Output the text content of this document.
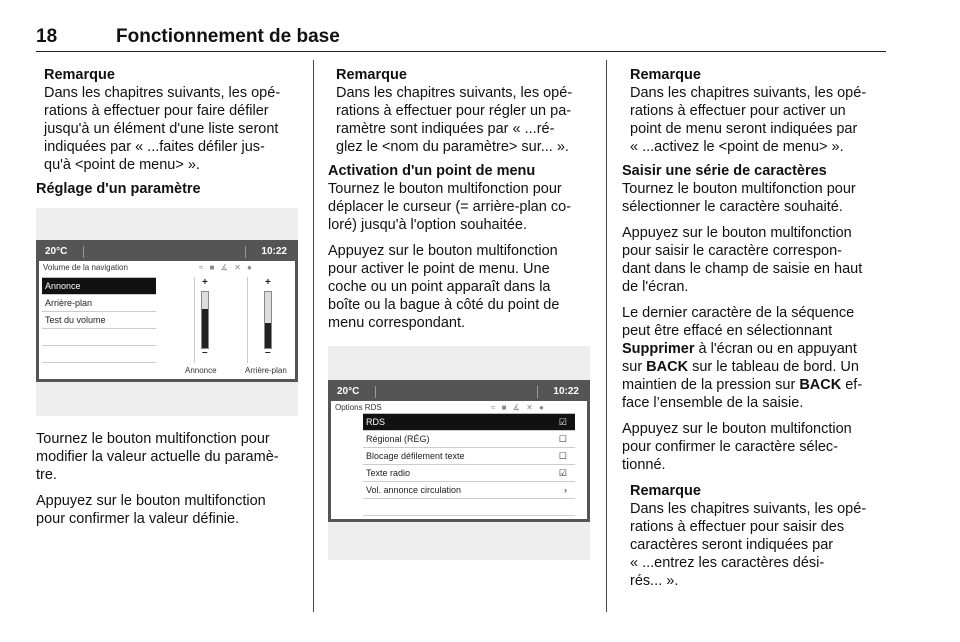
18	Fonctionnement de base
Remarque
Dans les chapitres suivants, les opé-
rations à effectuer pour faire défiler
jusqu'à un élément d'une liste seront
indiquées par « ...faites défiler jus-
qu'à <point de menu> ».
Réglage d'un paramètre
20°C	10:22
Volume de la navigation	≈ ■ ∡ ✕ ●
Annonce
Arrière-plan
Test du volume
+
–
+
–
Annonce	Arrière-plan

Tournez le bouton multifonction pour
modifier la valeur actuelle du paramè-
tre.

Appuyez sur le bouton multifonction
pour confirmer la valeur définie.

Remarque
Dans les chapitres suivants, les opé-
rations à effectuer pour régler un pa-
ramètre sont indiquées par « ...ré-
glez le <nom du paramètre> sur... ».
Activation d'un point de menu

Tournez le bouton multifonction pour
déplacer le curseur (= arrière-plan co-
loré) jusqu'à l'option souhaitée.

Appuyez sur le bouton multifonction
pour activer le point de menu. Une
coche ou un point apparaît dans la
boîte ou la bague à côté du point de
menu correspondant.

20°C	10:22
Options RDS	≈ ■ ∡ ✕ ●
RDS	☑
Régional (RÉG)	☐
Blocage défilement texte	☐
Texte radio	☑
Vol. annonce circulation	›
Remarque
Dans les chapitres suivants, les opé-
rations à effectuer pour activer un
point de menu seront indiquées par
« ...activez le <point de menu> ».
Saisir une série de caractères

Tournez le bouton multifonction pour
sélectionner le caractère souhaité.

Appuyez sur le bouton multifonction
pour saisir le caractère correspon-
dant dans le champ de saisie en haut
de l'écran.

Le dernier caractère de la séquence
peut être effacé en sélectionnant
Supprimer à l'écran ou en appuyant
sur BACK sur le tableau de bord. Un
maintien de la pression sur BACK ef-
face l’ensemble de la saisie.

Appuyez sur le bouton multifonction
pour confirmer le caractère sélec-
tionné.

Remarque
Dans les chapitres suivants, les opé-
rations à effectuer pour saisir des
caractères seront indiquées par
« ...entrez les caractères dési-
rés... ».
